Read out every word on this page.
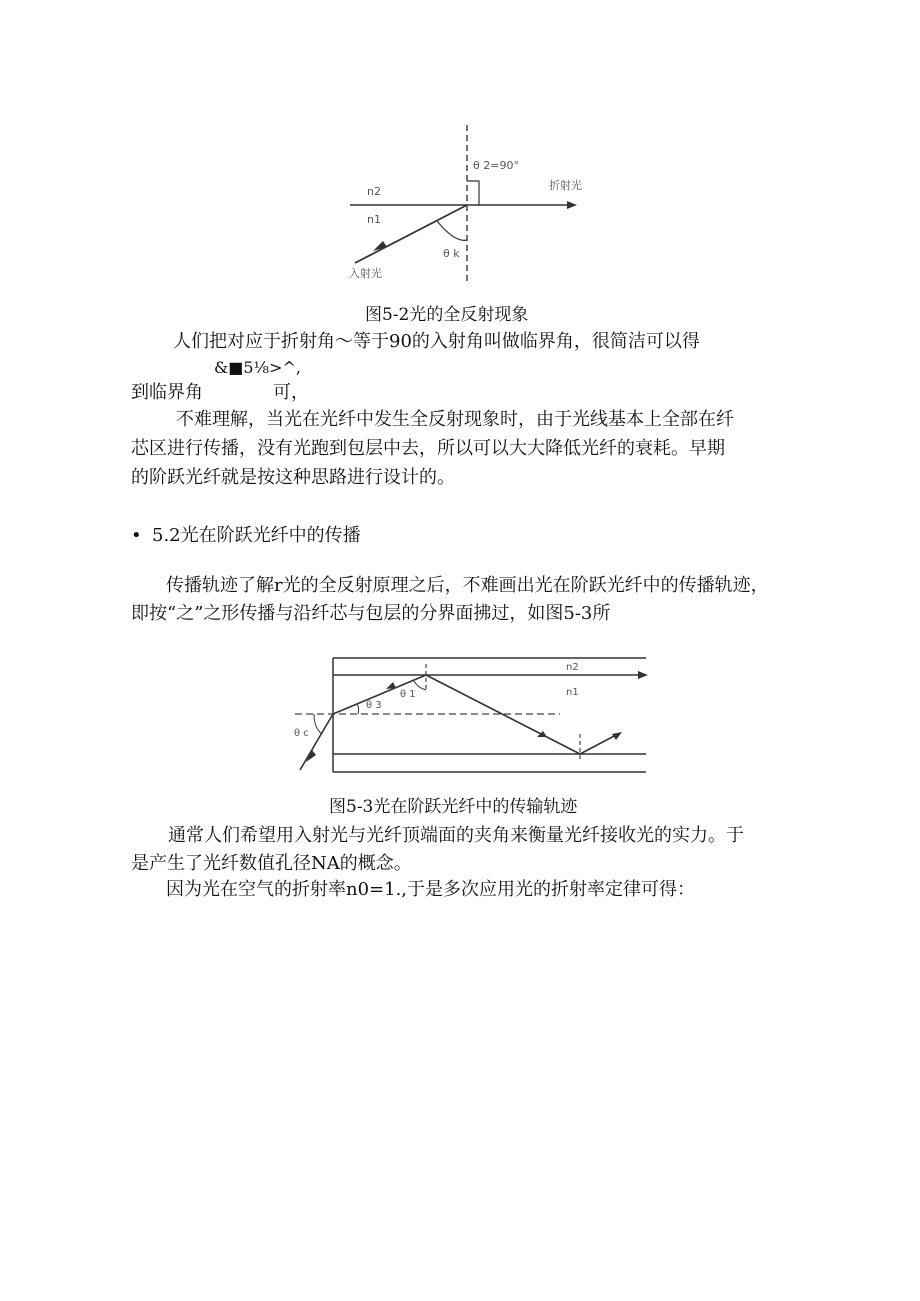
θ 2=90°
折射光
n2
n1
θ k
入射光
图5-2光的全反射现象
人们把对应于折射角～等于90的入射角叫做临界角，很简洁可以得
&■5⅛>^,
到临界角	可，
不难理解，当光在光纤中发生全反射现象时，由于光线基本上全部在纤
芯区进行传播，没有光跑到包层中去，所以可以大大降低光纤的衰耗。早期
的阶跃光纤就是按这种思路进行设计的。
• 5.2光在阶跃光纤中的传播
传播轨迹了解r光的全反射原理之后，不难画出光在阶跃光纤中的传播轨迹，
即按“之”之形传播与沿纤芯与包层的分界面拂过，如图5-3所
n2
n1
θ 1
θ 3
θ c
图5-3光在阶跃光纤中的传输轨迹
通常人们希望用入射光与光纤顶端面的夹角来衡量光纤接收光的实力。于
是产生了光纤数值孔径NA的概念。
因为光在空气的折射率n0=1.,于是多次应用光的折射率定律可得：
